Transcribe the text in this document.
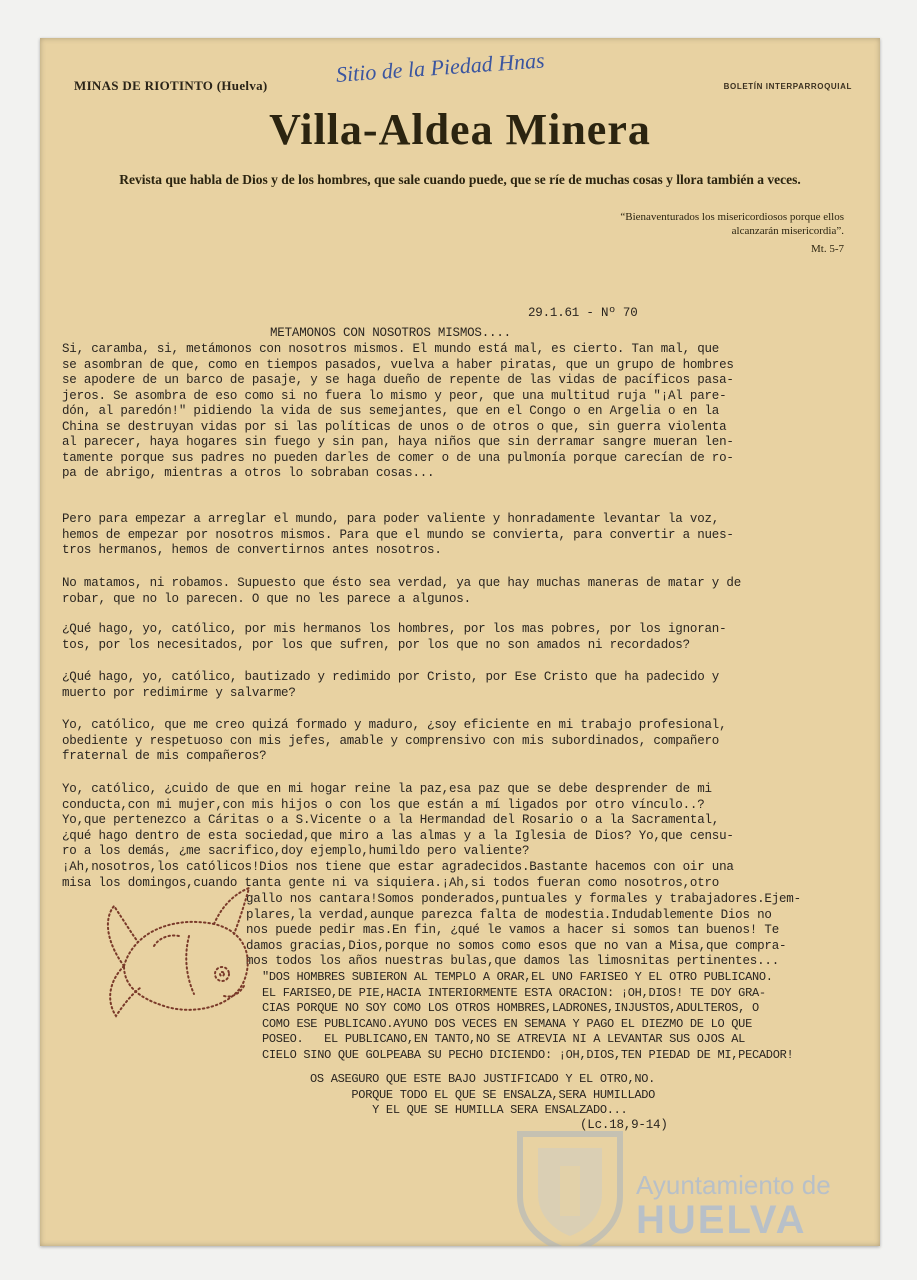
MINAS DE RIOTINTO (Huelva)	Sitio de la Piedad Hnas	BOLETÍN INTERPARROQUIAL
Villa-Aldea Minera
Revista que habla de Dios y de los hombres, que sale cuando puede, que se ríe de muchas cosas y llora también a veces.
“Bienaventurados los misericordiosos porque ellos alcanzarán misericordia”.
Mt. 5-7
29.1.61 - Nº 70
METAMONOS CON NOSOTROS MISMOS....
Si, caramba, si, metámonos con nosotros mismos. El mundo está mal, es cierto. Tan mal, que
se asombran de que, como en tiempos pasados, vuelva a haber piratas, que un grupo de hombres
se apodere de un barco de pasaje, y se haga dueño de repente de las vidas de pacíficos pasa-
jeros. Se asombra de eso como si no fuera lo mismo y peor, que una multitud ruja "¡Al pare-
dón, al paredón!" pidiendo la vida de sus semejantes, que en el Congo o en Argelia o en la
China se destruyan vidas por si las políticas de unos o de otros o que, sin guerra violenta
al parecer, haya hogares sin fuego y sin pan, haya niños que sin derramar sangre mueran len-
tamente porque sus padres no pueden darles de comer o de una pulmonía porque carecían de ro-
pa de abrigo, mientras a otros lo sobraban cosas...
Pero para empezar a arreglar el mundo, para poder valiente y honradamente levantar la voz,
hemos de empezar por nosotros mismos. Para que el mundo se convierta, para convertir a nues-
tros hermanos, hemos de convertirnos antes nosotros.
No matamos, ni robamos. Supuesto que ésto sea verdad, ya que hay muchas maneras de matar y de
robar, que no lo parecen. O que no les parece a algunos.
¿Qué hago, yo, católico, por mis hermanos los hombres, por los mas pobres, por los ignoran-
tos, por los necesitados, por los que sufren, por los que no son amados ni recordados?
¿Qué hago, yo, católico, bautizado y redimido por Cristo, por Ese Cristo que ha padecido y
muerto por redimirme y salvarme?
Yo, católico, que me creo quizá formado y maduro, ¿soy eficiente en mi trabajo profesional,
obediente y respetuoso con mis jefes, amable y comprensivo con mis subordinados, compañero
fraternal de mis compañeros?
Yo, católico, ¿cuido de que en mi hogar reine la paz,esa paz que se debe desprender de mi
conducta,con mi mujer,con mis hijos o con los que están a mí ligados por otro vínculo..?
Yo,que pertenezco a Cáritas o a S.Vicente o a la Hermandad del Rosario o a la Sacramental,
¿qué hago dentro de esta sociedad,que miro a las almas y a la Iglesia de Dios? Yo,que censu-
ro a los demás, ¿me sacrifico,doy ejemplo,humildo pero valiente?
¡Ah,nosotros,los católicos!Dios nos tiene que estar agradecidos.Bastante hacemos con oir una
misa los domingos,cuando tanta gente ni va siquiera.¡Ah,si todos fueran como nosotros,otro
gallo nos cantara!Somos ponderados,puntuales y formales y trabajadores.Ejem-
plares,la verdad,aunque parezca falta de modestia.Indudablemente Dios no
nos puede pedir mas.En fin, ¿qué le vamos a hacer si somos tan buenos! Te
damos gracias,Dios,porque no somos como esos que no van a Misa,que compra-
mos todos los años nuestras bulas,que damos las limosnitas pertinentes...
"DOS HOMBRES SUBIERON AL TEMPLO A ORAR,EL UNO FARISEO Y EL OTRO PUBLICANO.
EL FARISEO,DE PIE,HACIA INTERIORMENTE ESTA ORACION: ¡OH,DIOS! TE DOY GRA-
CIAS PORQUE NO SOY COMO LOS OTROS HOMBRES,LADRONES,INJUSTOS,ADULTEROS, O
COMO ESE PUBLICANO.AYUNO DOS VECES EN SEMANA Y PAGO EL DIEZMO DE LO QUE
POSEO.   EL PUBLICANO,EN TANTO,NO SE ATREVIA NI A LEVANTAR SUS OJOS AL
CIELO SINO QUE GOLPEABA SU PECHO DICIENDO: ¡OH,DIOS,TEN PIEDAD DE MI,PECADOR!
OS ASEGURO QUE ESTE BAJO JUSTIFICADO Y EL OTRO,NO.
PORQUE TODO EL QUE SE ENSALZA,SERA HUMILLADO
Y EL QUE SE HUMILLA SERA ENSALZADO...
(Lc.18,9-14)
Ayuntamiento de
HUELVA
